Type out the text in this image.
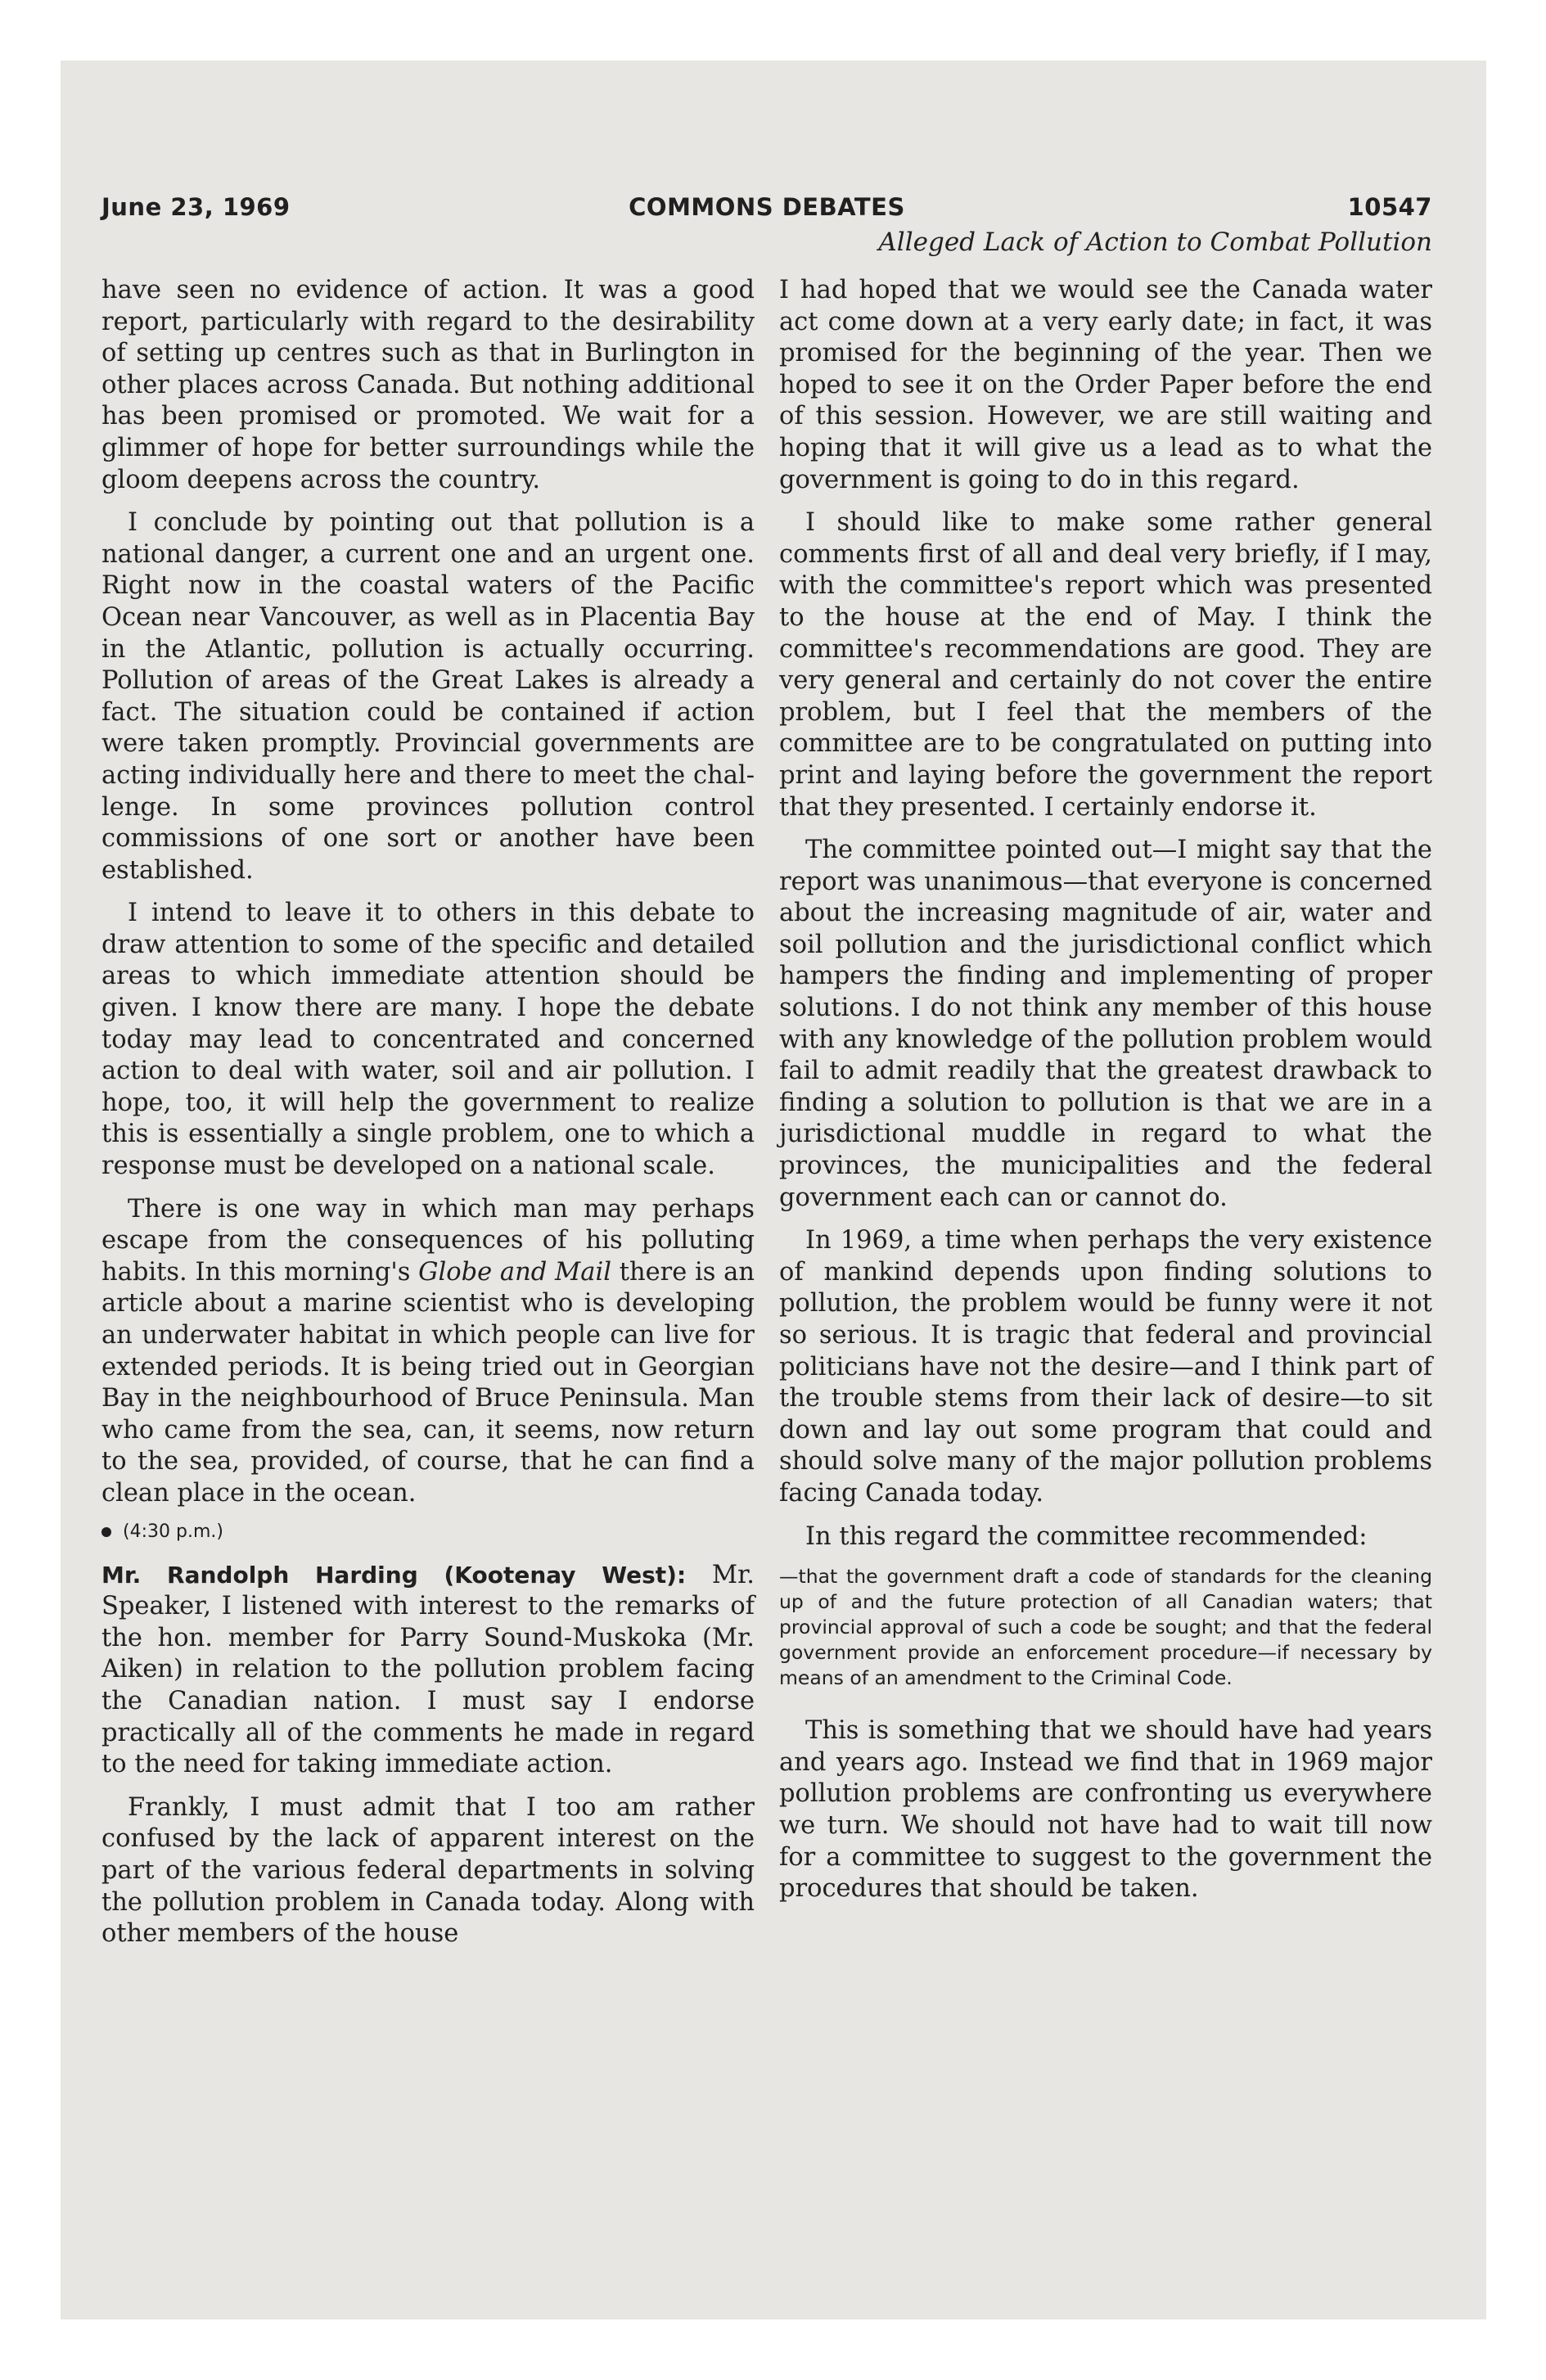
June 23, 1969	COMMONS DEBATES	10547
Alleged Lack of Action to Combat Pollution

have seen no evidence of action. It was a good report, particularly with regard to the desirability of setting up centres such as that in Burlington in other places across Canada. But nothing additional has been promised or promoted. We wait for a glimmer of hope for better surroundings while the gloom deepens across the country.

I conclude by pointing out that pollution is a national danger, a current one and an urgent one. Right now in the coastal waters of the Pacific Ocean near Vancouver, as well as in Placentia Bay in the Atlantic, pollution is actually occurring. Pollution of areas of the Great Lakes is already a fact. The situation could be contained if action were taken promptly. Provincial governments are acting individually here and there to meet the challenge. In some provinces pollution control commissions of one sort or another have been established.

I intend to leave it to others in this debate to draw attention to some of the specific and detailed areas to which immediate attention should be given. I know there are many. I hope the debate today may lead to concentrated and concerned action to deal with water, soil and air pollution. I hope, too, it will help the government to realize this is essentially a single problem, one to which a response must be developed on a national scale.

There is one way in which man may perhaps escape from the consequences of his polluting habits. In this morning's Globe and Mail there is an article about a marine scientist who is developing an underwater habitat in which people can live for extended periods. It is being tried out in Georgian Bay in the neighbourhood of Bruce Peninsula. Man who came from the sea, can, it seems, now return to the sea, provided, of course, that he can find a clean place in the ocean.

(4:30 p.m.)

Mr. Randolph Harding (Kootenay West): Mr. Speaker, I listened with interest to the remarks of the hon. member for Parry Sound-Muskoka (Mr. Aiken) in relation to the pollution problem facing the Canadian nation. I must say I endorse practically all of the comments he made in regard to the need for taking immediate action.

Frankly, I must admit that I too am rather confused by the lack of apparent interest on the part of the various federal departments in solving the pollution problem in Canada today. Along with other members of the house

I had hoped that we would see the Canada water act come down at a very early date; in fact, it was promised for the beginning of the year. Then we hoped to see it on the Order Paper before the end of this session. However, we are still waiting and hoping that it will give us a lead as to what the government is going to do in this regard.

I should like to make some rather general comments first of all and deal very briefly, if I may, with the committee's report which was presented to the house at the end of May. I think the committee's recommendations are good. They are very general and certainly do not cover the entire problem, but I feel that the members of the committee are to be congratulated on putting into print and laying before the government the report that they presented. I certainly endorse it.

The committee pointed out—I might say that the report was unanimous—that everyone is concerned about the increasing magnitude of air, water and soil pollution and the jurisdictional conflict which hampers the finding and implementing of proper solutions. I do not think any member of this house with any knowledge of the pollution problem would fail to admit readily that the greatest drawback to finding a solution to pollution is that we are in a jurisdictional muddle in regard to what the provinces, the municipalities and the federal government each can or cannot do.

In 1969, a time when perhaps the very existence of mankind depends upon finding solutions to pollution, the problem would be funny were it not so serious. It is tragic that federal and provincial politicians have not the desire—and I think part of the trouble stems from their lack of desire—to sit down and lay out some program that could and should solve many of the major pollution problems facing Canada today.

In this regard the committee recommended:

—that the government draft a code of standards for the cleaning up of and the future protection of all Canadian waters; that provincial approval of such a code be sought; and that the federal government provide an enforcement procedure—if necessary by means of an amendment to the Criminal Code.

This is something that we should have had years and years ago. Instead we find that in 1969 major pollution problems are confronting us everywhere we turn. We should not have had to wait till now for a committee to suggest to the government the procedures that should be taken.
